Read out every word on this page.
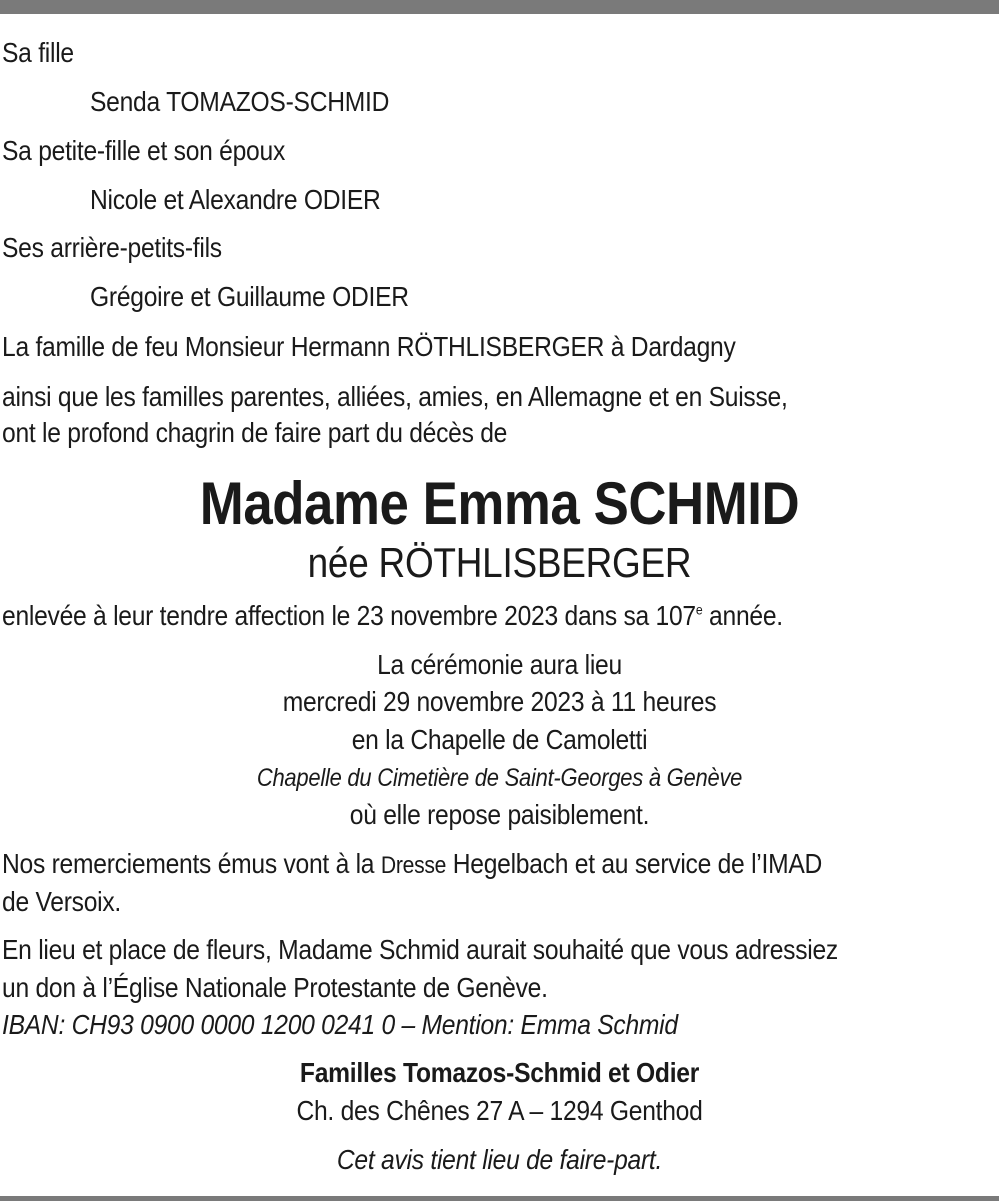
Sa fille
Senda TOMAZOS-SCHMID
Sa petite-fille et son époux
Nicole et Alexandre ODIER
Ses arrière-petits-fils
Grégoire et Guillaume ODIER
La famille de feu Monsieur Hermann RÖTHLISBERGER à Dardagny
ainsi que les familles parentes, alliées, amies, en Allemagne et en Suisse,
ont le profond chagrin de faire part du décès de
Madame Emma SCHMID
née RÖTHLISBERGER
enlevée à leur tendre affection le 23 novembre 2023 dans sa 107e année.
La cérémonie aura lieu
mercredi 29 novembre 2023 à 11 heures
en la Chapelle de Camoletti
Chapelle du Cimetière de Saint-Georges à Genève
où elle repose paisiblement.
Nos remerciements émus vont à la Dresse Hegelbach et au service de l’IMAD
de Versoix.
En lieu et place de fleurs, Madame Schmid aurait souhaité que vous adressiez
un don à l’Église Nationale Protestante de Genève.
IBAN: CH93 0900 0000 1200 0241 0 – Mention: Emma Schmid
Familles Tomazos-Schmid et Odier
Ch. des Chênes 27 A – 1294 Genthod
Cet avis tient lieu de faire-part.
